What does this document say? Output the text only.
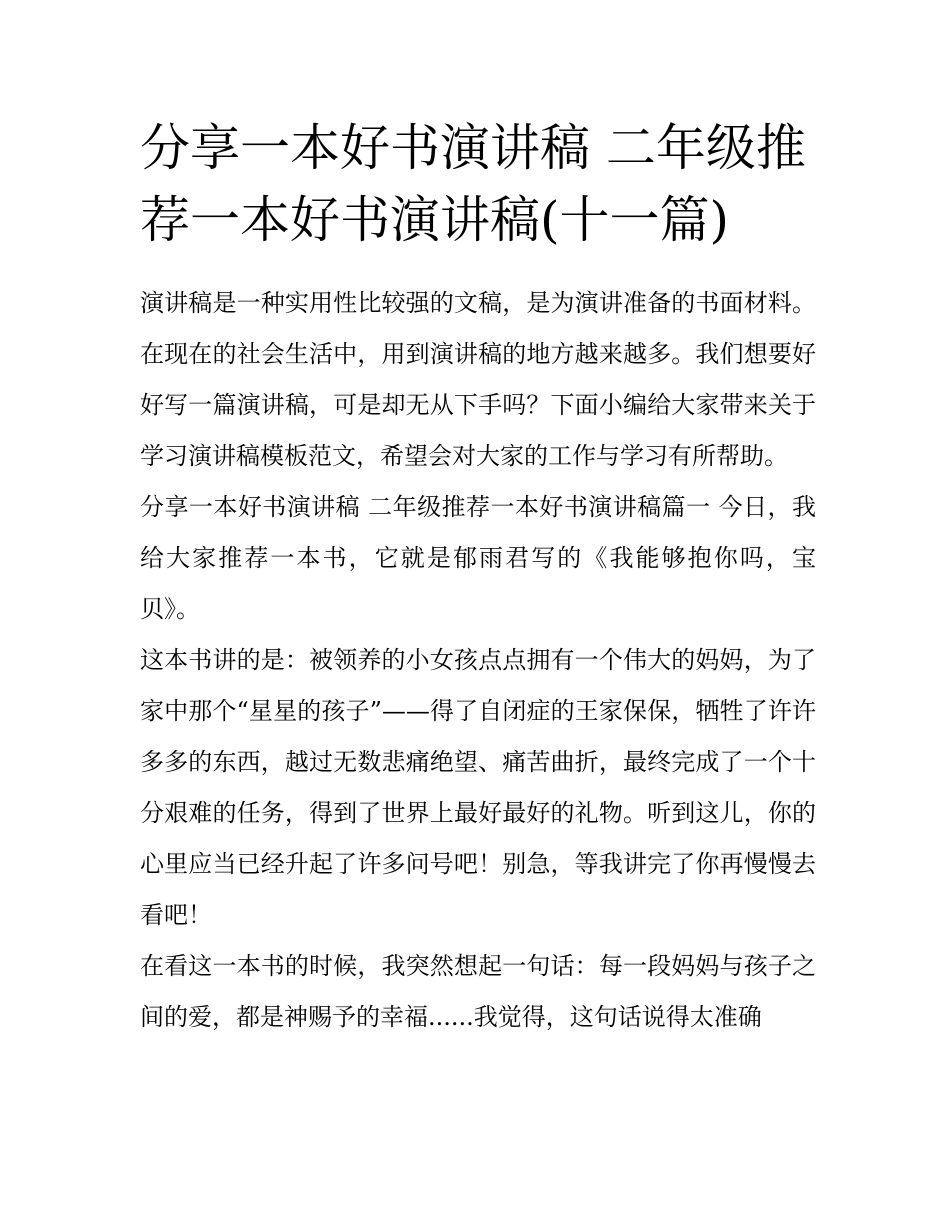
分享一本好书演讲稿 二年级推荐一本好书演讲稿(十一篇)

演讲稿是一种实用性比较强的文稿，是为演讲准备的书面材料。在现在的社会生活中，用到演讲稿的地方越来越多。我们想要好好写一篇演讲稿，可是却无从下手吗？下面小编给大家带来关于学习演讲稿模板范文，希望会对大家的工作与学习有所帮助。

分享一本好书演讲稿 二年级推荐一本好书演讲稿篇一 今日，我给大家推荐一本书，它就是郁雨君写的《我能够抱你吗，宝贝》。

这本书讲的是：被领养的小女孩点点拥有一个伟大的妈妈，为了家中那个“星星的孩子”——得了自闭症的王家保保，牺牲了许许多多的东西，越过无数悲痛绝望、痛苦曲折，最终完成了一个十分艰难的任务，得到了世界上最好最好的礼物。听到这儿，你的心里应当已经升起了许多问号吧！别急，等我讲完了你再慢慢去看吧！

在看这一本书的时候，我突然想起一句话：每一段妈妈与孩子之间的爱，都是神赐予的幸福......我觉得，这句话说得太准确
